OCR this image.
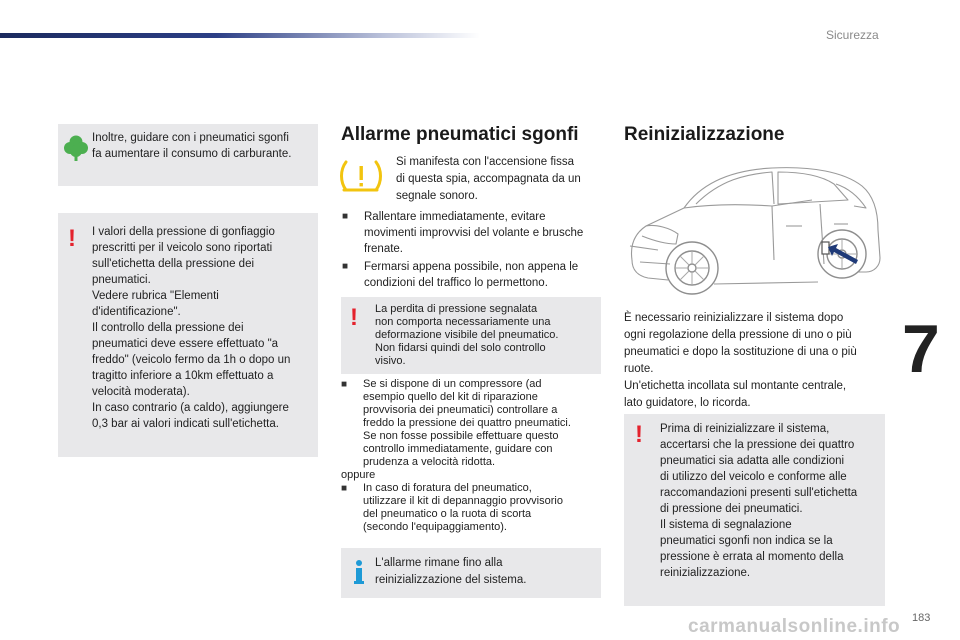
Sicurezza
Inoltre, guidare con i pneumatici sgonfi
fa aumentare il consumo di carburante.
! I valori della pressione di gonfiaggio
prescritti per il veicolo sono riportati
sull'etichetta della pressione dei
pneumatici.
Vedere rubrica "Elementi
d'identificazione".
Il controllo della pressione dei
pneumatici deve essere effettuato "a
freddo" (veicolo fermo da 1h o dopo un
tragitto inferiore a 10km effettuato a
velocità moderata).
In caso contrario (a caldo), aggiungere
0,3 bar ai valori indicati sull'etichetta.
Allarme pneumatici sgonfi
Si manifesta con l'accensione fissa
di questa spia, accompagnata da un
segnale sonoro.
■ Rallentare immediatamente, evitare
movimenti improvvisi del volante e brusche
frenate.
■ Fermarsi appena possibile, non appena le
condizioni del traffico lo permettono.
! La perdita di pressione segnalata
non comporta necessariamente una
deformazione visibile del pneumatico.
Non fidarsi quindi del solo controllo
visivo.
■ Se si dispone di un compressore (ad
esempio quello del kit di riparazione
provvisoria dei pneumatici) controllare a
freddo la pressione dei quattro pneumatici.
Se non fosse possibile effettuare questo
controllo immediatamente, guidare con
prudenza a velocità ridotta.
oppure
■ In caso di foratura del pneumatico,
utilizzare il kit di depannaggio provvisorio
del pneumatico o la ruota di scorta
(secondo l'equipaggiamento).
L'allarme rimane fino alla
reinizializzazione del sistema.
Reinizializzazione
È necessario reinizializzare il sistema dopo
ogni regolazione della pressione di uno o più
pneumatici e dopo la sostituzione di una o più
ruote.
Un'etichetta incollata sul montante centrale,
lato guidatore, lo ricorda.
! Prima di reinizializzare il sistema,
accertarsi che la pressione dei quattro
pneumatici sia adatta alle condizioni
di utilizzo del veicolo e conforme alle
raccomandazioni presenti sull'etichetta
di pressione dei pneumatici.
Il sistema di segnalazione
pneumatici sgonfi non indica se la
pressione è errata al momento della
reinizializzazione.
7
carmanualsonline.info 183
